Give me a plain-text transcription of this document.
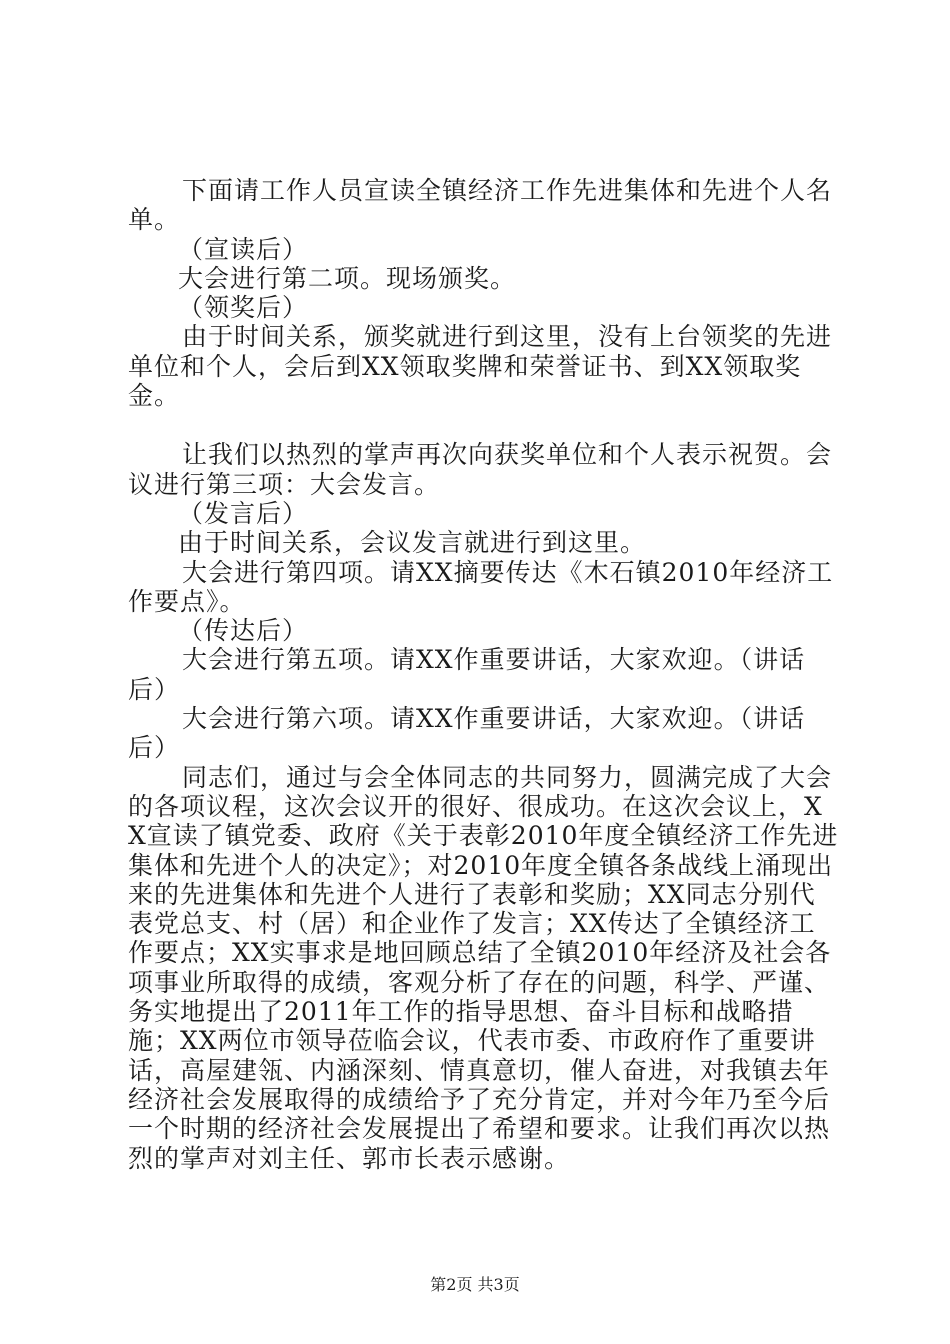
下面请工作人员宣读全镇经济工作先进集体和先进个人名单。

（宣读后）

大会进行第二项。现场颁奖。

（领奖后）

由于时间关系，颁奖就进行到这里，没有上台领奖的先进单位和个人，会后到XX领取奖牌和荣誉证书、到XX领取奖金。

让我们以热烈的掌声再次向获奖单位和个人表示祝贺。会议进行第三项：大会发言。

（发言后）

由于时间关系，会议发言就进行到这里。

大会进行第四项。请XX摘要传达《木石镇2010年经济工作要点》。

（传达后）

大会进行第五项。请XX作重要讲话，大家欢迎。（讲话后）

大会进行第六项。请XX作重要讲话，大家欢迎。（讲话后）

同志们，通过与会全体同志的共同努力，圆满完成了大会的各项议程，这次会议开的很好、很成功。在这次会议上，XX宣读了镇党委、政府《关于表彰2010年度全镇经济工作先进集体和先进个人的决定》；对2010年度全镇各条战线上涌现出来的先进集体和先进个人进行了表彰和奖励；XX同志分别代表党总支、村（居）和企业作了发言；XX传达了全镇经济工作要点；XX实事求是地回顾总结了全镇2010年经济及社会各项事业所取得的成绩，客观分析了存在的问题，科学、严谨、务实地提出了2011年工作的指导思想、奋斗目标和战略措施；XX两位市领导莅临会议，代表市委、市政府作了重要讲话，高屋建瓴、内涵深刻、情真意切，催人奋进，对我镇去年经济社会发展取得的成绩给予了充分肯定，并对今年乃至今后一个时期的经济社会发展提出了希望和要求。让我们再次以热烈的掌声对刘主任、郭市长表示感谢。

第2页 共3页
